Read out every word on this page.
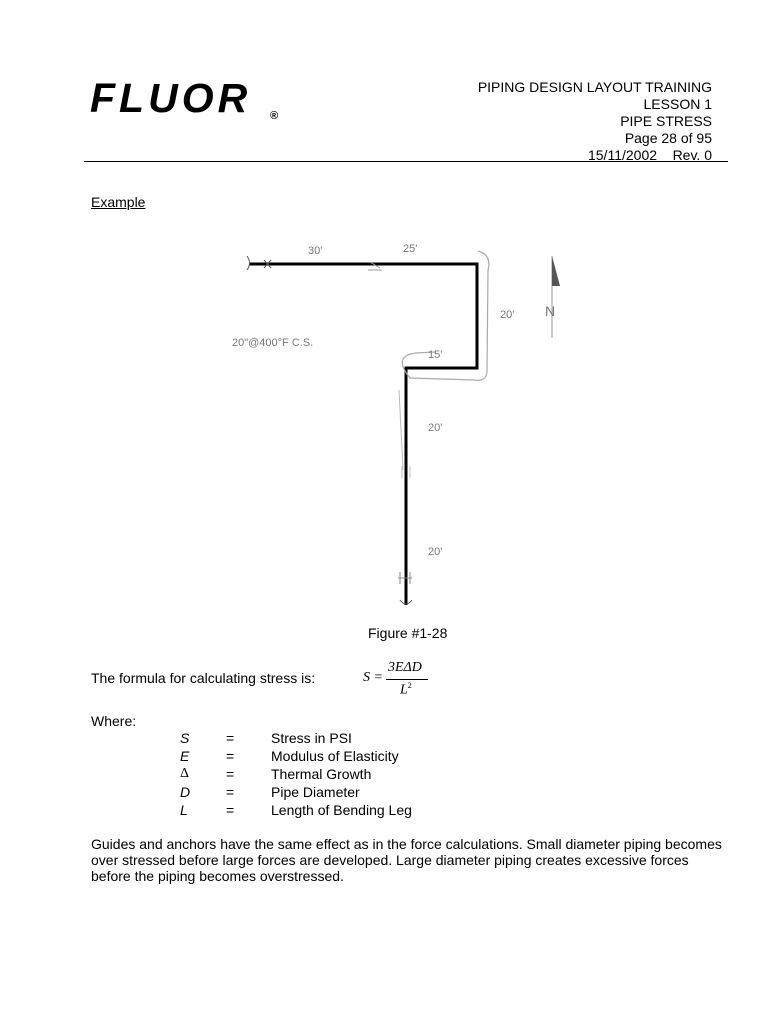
FLUOR ®
PIPING DESIGN LAYOUT TRAINING
LESSON 1
PIPE STRESS
Page 28 of 95
15/11/2002    Rev. 0
Example
30'	25'
20'
15'
20'
20'
20"@400°F C.S.
N
Figure #1-28
The formula for calculating stress is:	S =
3EΔD
$L^2$
Where:
S	=	Stress in PSI
E	=	Modulus of Elasticity
Δ	=	Thermal Growth
D	=	Pipe Diameter
L	=	Length of Bending Leg
Guides and anchors have the same effect as in the force calculations. Small diameter piping becomes over stressed before large forces are developed. Large diameter piping creates excessive forces before the piping becomes overstressed.
